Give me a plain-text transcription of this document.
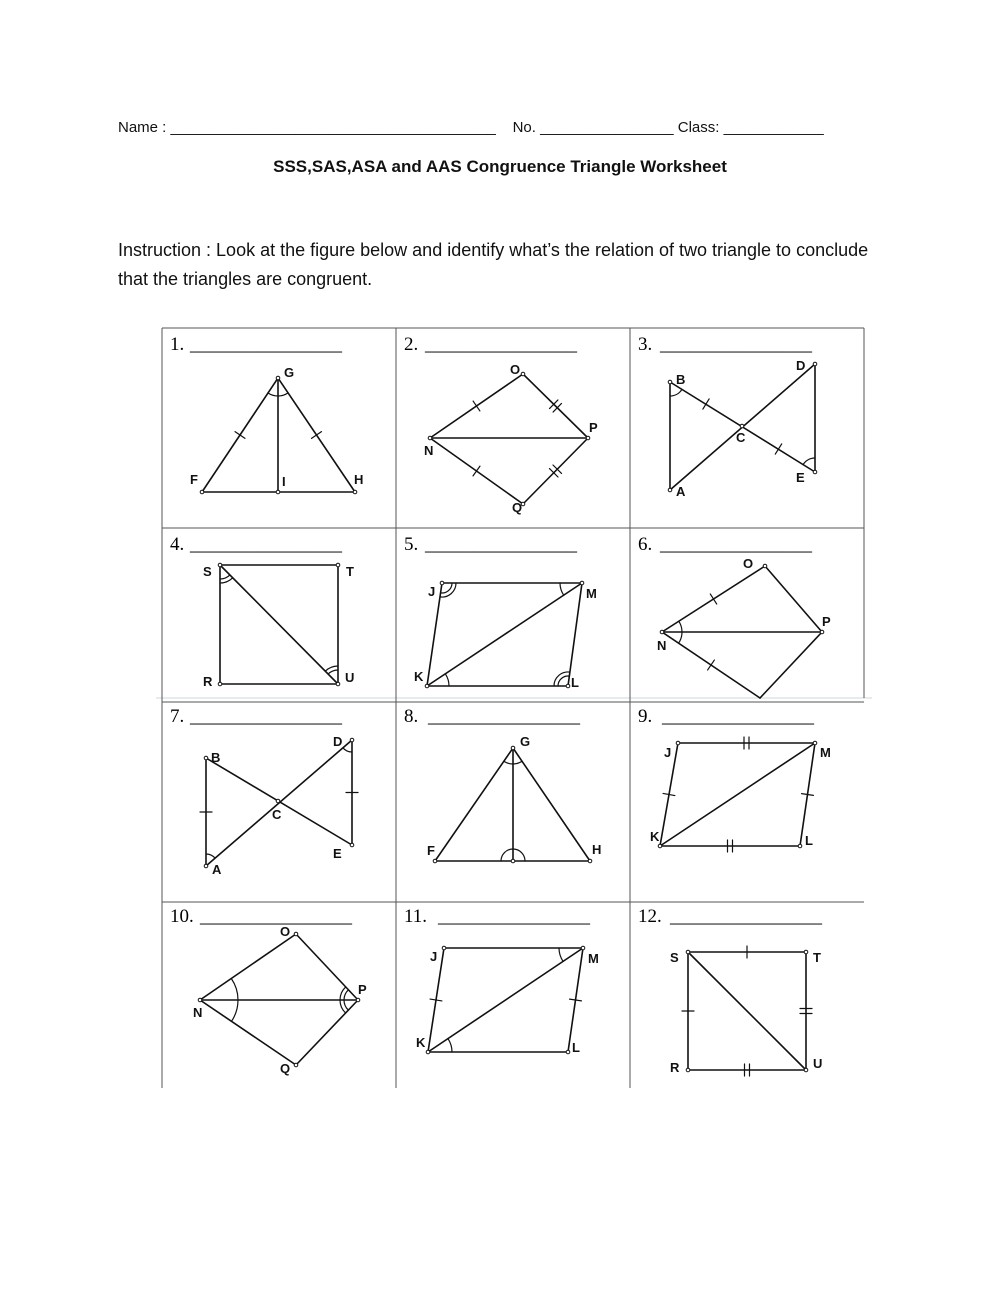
Name : _______________________________________ No. ________________ Class: ____________
SSS,SAS,ASA and AAS Congruence Triangle Worksheet
Instruction : Look at the figure below and identify what’s the relation of two triangle to conclude that the triangles are congruent.
1.	2.	3.
4.	5.	6.
7.	8.	9.
10.	11.	12.
________________	________________	________________
________________	________________	________________
________________	________________	________________
________________	________________	________________
G
F	I	H
O
P
N
Q
B
D
C
E
A
S	T
R	U
J	M
K	L
O
P
N
B
D
C
E
A
G
F	H
J	M
K	L
O
P
N
Q
J	M
K	L
S	T
R	U
